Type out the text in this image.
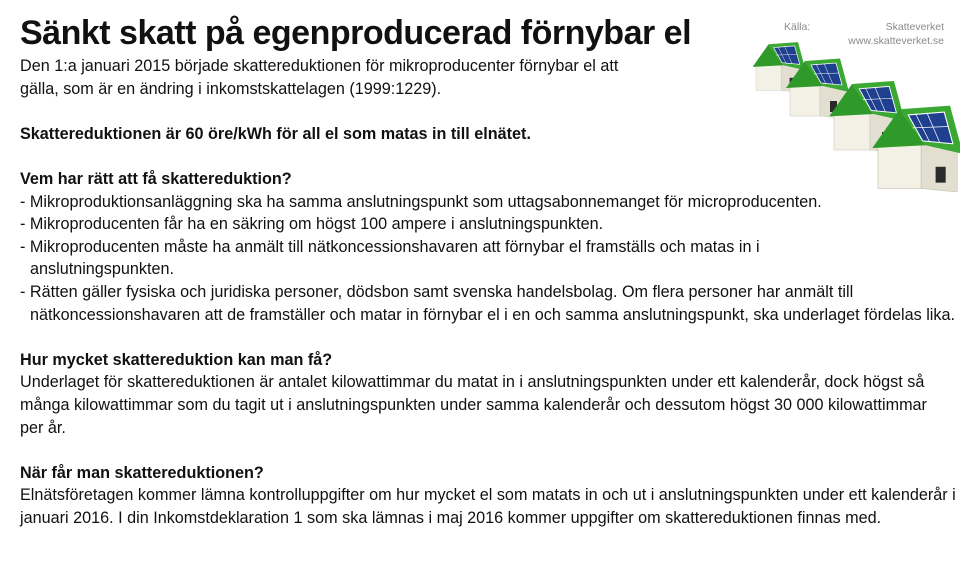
Sänkt skatt på egenproducerad förnybar el	Källa:	Skatteverket
www.skatteverket.se

Den 1:a januari 2015 började skattereduktionen för mikroproducenter förnybar el att

gälla, som är en ändring i inkomstskattelagen (1999:1229).

Skattereduktionen är 60 öre/kWh för all el som matas in till elnätet.

Vem har rätt att få skattereduktion?

- Mikroproduktionsanläggning ska ha samma anslutningspunkt som uttagsabonnemanget för microproducenten.

- Mikroproducenten får ha en säkring om högst 100 ampere i anslutningspunkten.

- Mikroproducenten måste ha anmält till nätkoncessionshavaren att förnybar el framställs och matas in i anslutningspunkten.

- Rätten gäller fysiska och juridiska personer, dödsbon samt svenska handelsbolag. Om flera personer har anmält till nätkoncessionshavaren att de framställer och matar in förnybar el i en och samma anslutningspunkt, ska underlaget fördelas lika.

Hur mycket skattereduktion kan man få?

Underlaget för skattereduktionen är antalet kilowattimmar du matat in i anslutningspunkten under ett kalenderår, dock högst så många kilowattimmar som du tagit ut i anslutningspunkten under samma kalenderår och dessutom högst 30 000 kilowattimmar per år.

När får man skattereduktionen?

Elnätsföretagen kommer lämna kontrolluppgifter om hur mycket el som matats in och ut i anslutningspunkten under ett kalenderår i januari 2016. I din Inkomstdeklaration 1 som ska lämnas i maj 2016 kommer uppgifter om skattereduktionen finnas med.
